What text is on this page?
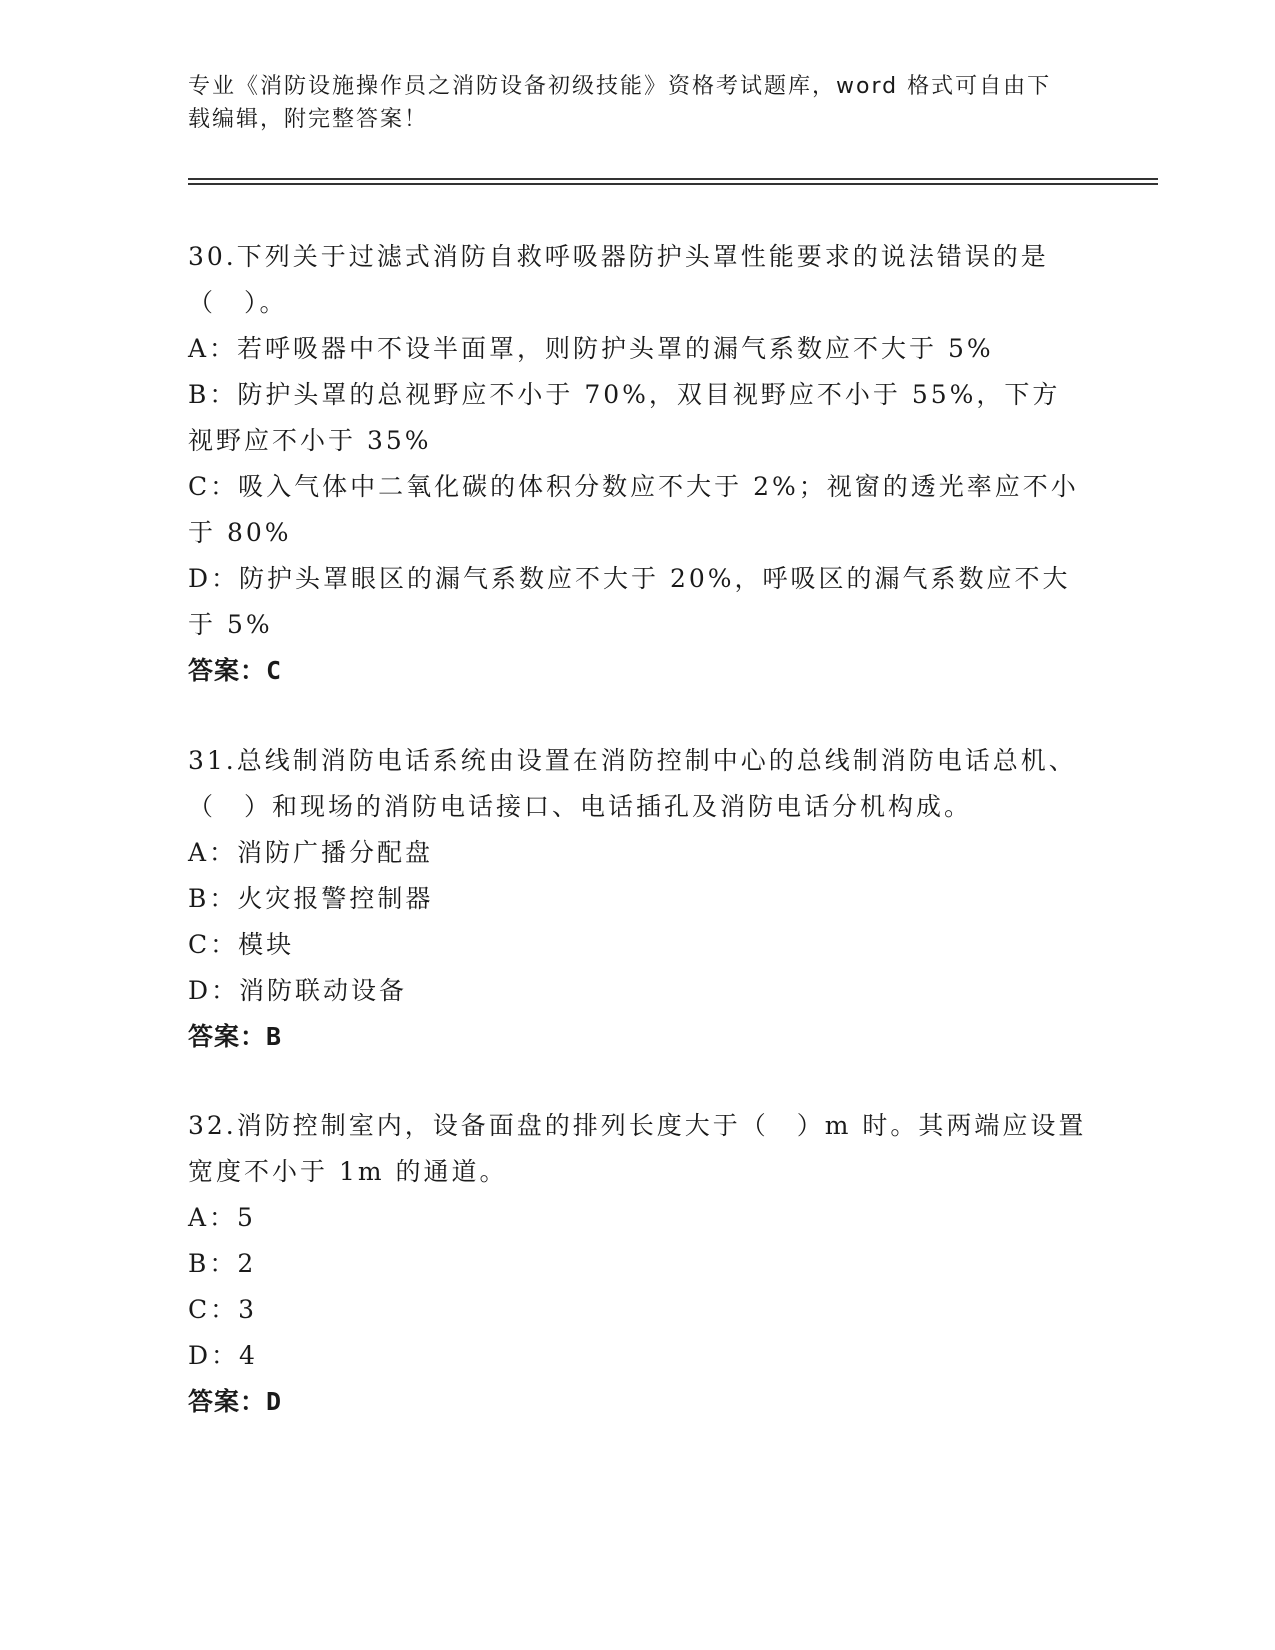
专业《消防设施操作员之消防设备初级技能》资格考试题库，word 格式可自由下载编辑，附完整答案！

30.下列关于过滤式消防自救呼吸器防护头罩性能要求的说法错误的是（　）。

A：若呼吸器中不设半面罩，则防护头罩的漏气系数应不大于 5%

B：防护头罩的总视野应不小于 70%，双目视野应不小于 55%，下方视野应不小于 35%

C：吸入气体中二氧化碳的体积分数应不大于 2%；视窗的透光率应不小于 80%

D：防护头罩眼区的漏气系数应不大于 20%，呼吸区的漏气系数应不大于 5%

答案：C

31.总线制消防电话系统由设置在消防控制中心的总线制消防电话总机、（　）和现场的消防电话接口、电话插孔及消防电话分机构成。

A：消防广播分配盘

B：火灾报警控制器

C：模块

D：消防联动设备

答案：B

32.消防控制室内，设备面盘的排列长度大于（　）m 时。其两端应设置宽度不小于 1m 的通道。

A：5

B：2

C：3

D：4

答案：D
